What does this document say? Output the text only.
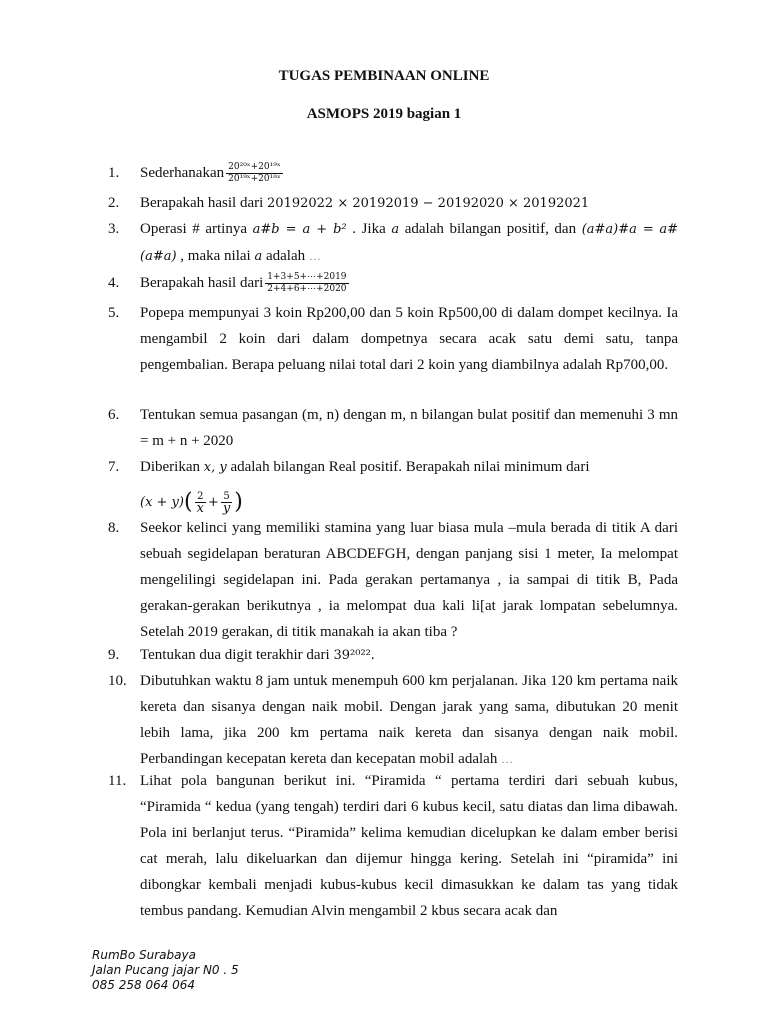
TUGAS PEMBINAAN ONLINE
ASMOPS 2019 bagian 1
1.	Sederhanakan $\frac{\text{20²⁰ˣ+20¹⁹ˣ}}{\text{20¹⁹ˣ+20¹⁸ˣ}}$
2.	Berapakah hasil dari 20192022 × 20192019 − 20192020 × 20192021
3.	Operasi # artinya a#b = a + b² . Jika a adalah bilangan positif, dan (a#a)#a = a#(a#a) , maka nilai a adalah …
4.	Berapakah hasil dari $\frac{1+3+5+\cdots+2019}{2+4+6+\cdots+2020}$
5.	Popepa mempunyai 3 koin Rp200,00 dan 5 koin Rp500,00 di dalam dompet kecilnya. Ia mengambil 2 koin dari dalam dompetnya secara acak satu demi satu, tanpa pengembalian. Berapa peluang nilai total dari 2 koin yang diambilnya adalah Rp700,00.
6.	Tentukan semua pasangan (m, n) dengan m, n bilangan bulat positif dan memenuhi 3 mn = m + n + 2020
7.	Diberikan x, y adalah bilangan Real positif. Berapakah nilai minimum dari
$(x + y)( \frac{2}{x} + \frac{5}{y}$ )
8.	Seekor kelinci yang memiliki stamina yang luar biasa mula –mula berada di titik A dari sebuah segidelapan beraturan ABCDEFGH, dengan panjang sisi 1 meter, Ia melompat mengelilingi segidelapan ini. Pada gerakan pertamanya , ia sampai di titik B, Pada gerakan-gerakan berikutnya , ia melompat dua kali li[at jarak lompatan sebelumnya. Setelah 2019 gerakan, di titik manakah ia akan tiba ?
9.	Tentukan dua digit terakhir dari 39²⁰²².
10. Dibutuhkan waktu 8 jam untuk menempuh 600 km perjalanan. Jika 120 km pertama naik kereta dan sisanya dengan naik mobil. Dengan jarak yang sama, dibutukan 20 menit lebih lama, jika 200 km pertama naik kereta dan sisanya dengan naik mobil. Perbandingan kecepatan kereta dan kecepatan mobil adalah …
11. Lihat pola bangunan berikut ini. “Piramida “ pertama terdiri dari sebuah kubus, “Piramida “ kedua (yang tengah) terdiri dari 6 kubus kecil, satu diatas dan lima dibawah. Pola ini berlanjut terus. “Piramida” kelima kemudian dicelupkan ke dalam ember berisi cat merah, lalu dikeluarkan dan dijemur hingga kering. Setelah ini “piramida” ini dibongkar kembali menjadi kubus-kubus kecil dimasukkan ke dalam tas yang tidak tembus pandang. Kemudian Alvin mengambil 2 kbus secara acak dan
RumBo Surabaya
Jalan Pucang jajar N0 . 5
085 258 064 064
